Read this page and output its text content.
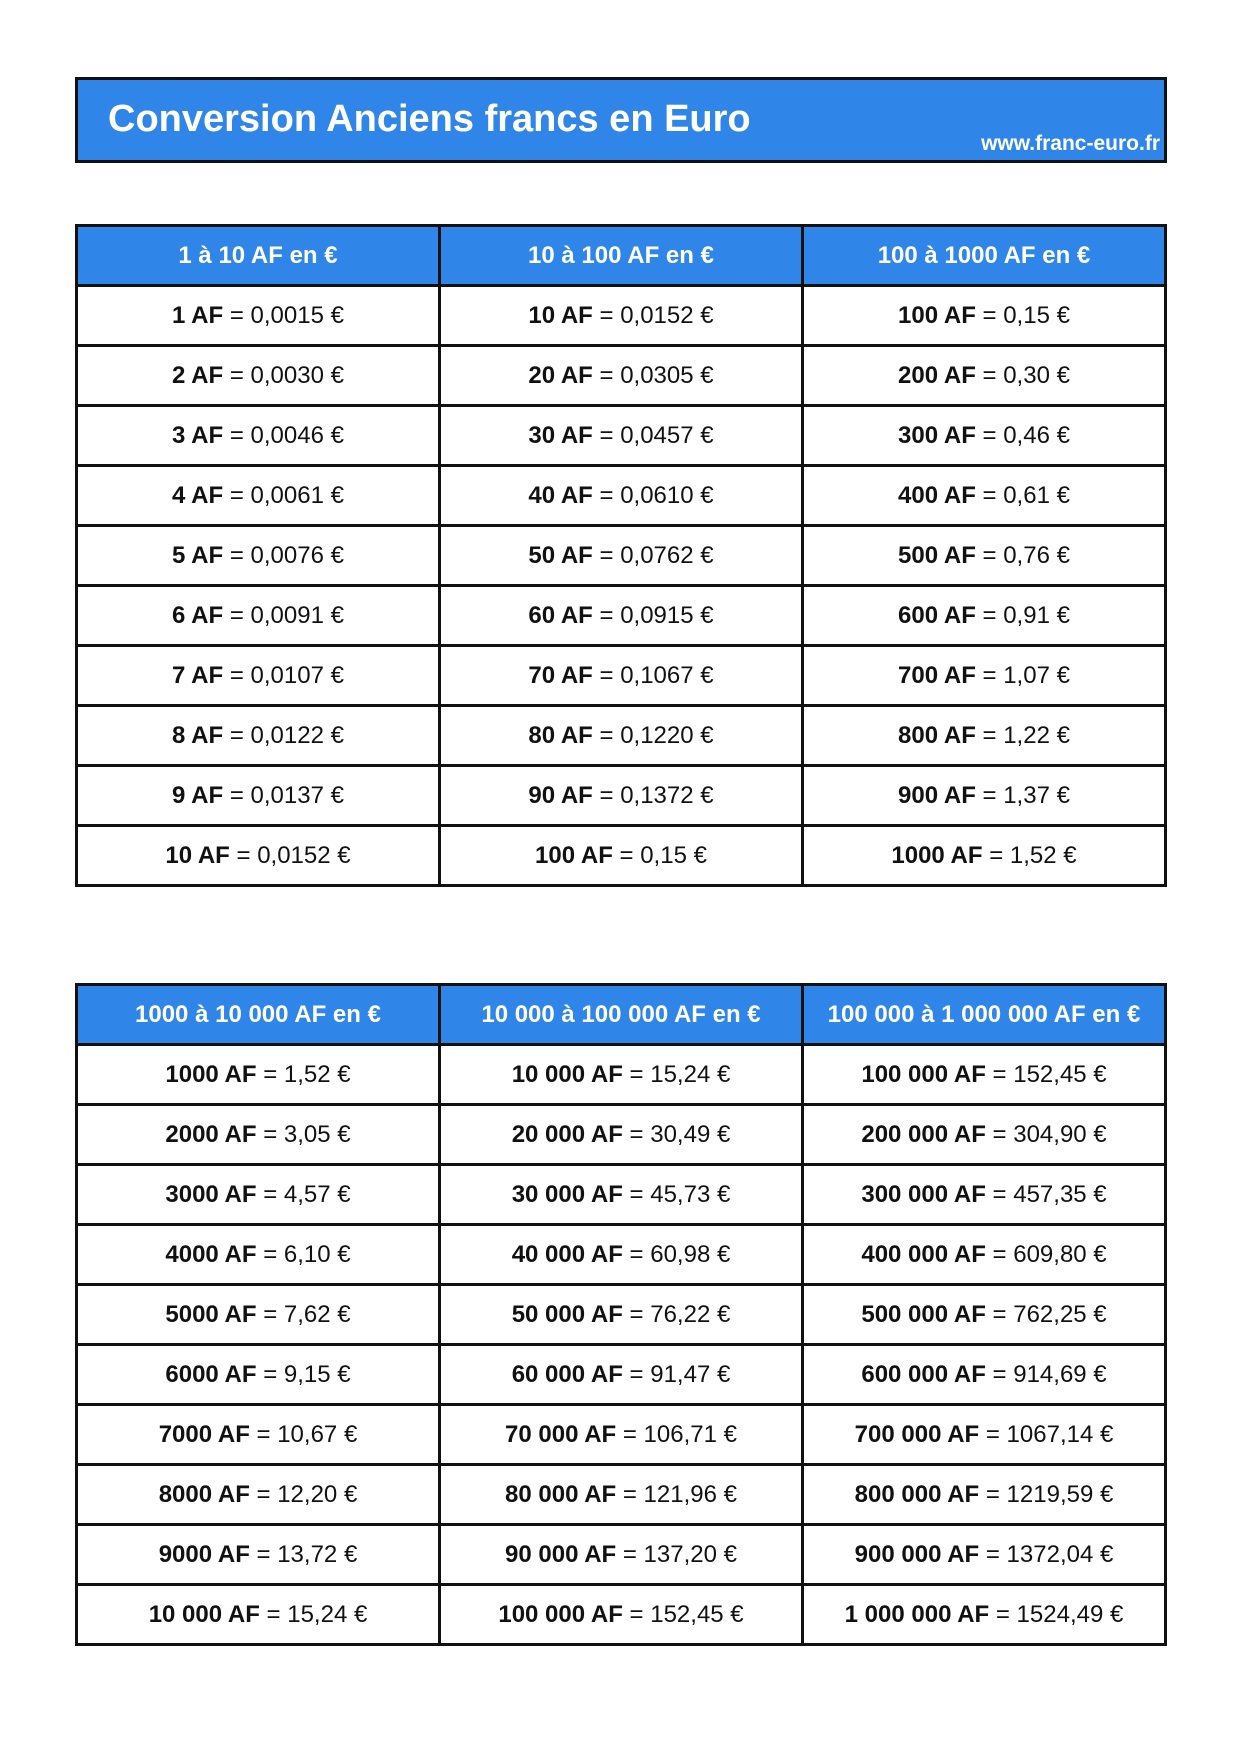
Conversion Anciens francs en Euro
www.franc-euro.fr
1 à 10 AF en €	10 à 100 AF en €	100 à 1000 AF en €
1 AF = 0,0015 €	10 AF = 0,0152 €	100 AF = 0,15 €
2 AF = 0,0030 €	20 AF = 0,0305 €	200 AF = 0,30 €
3 AF = 0,0046 €	30 AF = 0,0457 €	300 AF = 0,46 €
4 AF = 0,0061 €	40 AF = 0,0610 €	400 AF = 0,61 €
5 AF = 0,0076 €	50 AF = 0,0762 €	500 AF = 0,76 €
6 AF = 0,0091 €	60 AF = 0,0915 €	600 AF = 0,91 €
7 AF = 0,0107 €	70 AF = 0,1067 €	700 AF = 1,07 €
8 AF = 0,0122 €	80 AF = 0,1220 €	800 AF = 1,22 €
9 AF = 0,0137 €	90 AF = 0,1372 €	900 AF = 1,37 €
10 AF = 0,0152 €	100 AF = 0,15 €	1000 AF = 1,52 €
1000 à 10 000 AF en €	10 000 à 100 000 AF en €	100 000 à 1 000 000 AF en €
1000 AF = 1,52 €	10 000 AF = 15,24 €	100 000 AF = 152,45 €
2000 AF = 3,05 €	20 000 AF = 30,49 €	200 000 AF = 304,90 €
3000 AF = 4,57 €	30 000 AF = 45,73 €	300 000 AF = 457,35 €
4000 AF = 6,10 €	40 000 AF = 60,98 €	400 000 AF = 609,80 €
5000 AF = 7,62 €	50 000 AF = 76,22 €	500 000 AF = 762,25 €
6000 AF = 9,15 €	60 000 AF = 91,47 €	600 000 AF = 914,69 €
7000 AF = 10,67 €	70 000 AF = 106,71 €	700 000 AF = 1067,14 €
8000 AF = 12,20 €	80 000 AF = 121,96 €	800 000 AF = 1219,59 €
9000 AF = 13,72 €	90 000 AF = 137,20 €	900 000 AF = 1372,04 €
10 000 AF = 15,24 €	100 000 AF = 152,45 €	1 000 000 AF = 1524,49 €
